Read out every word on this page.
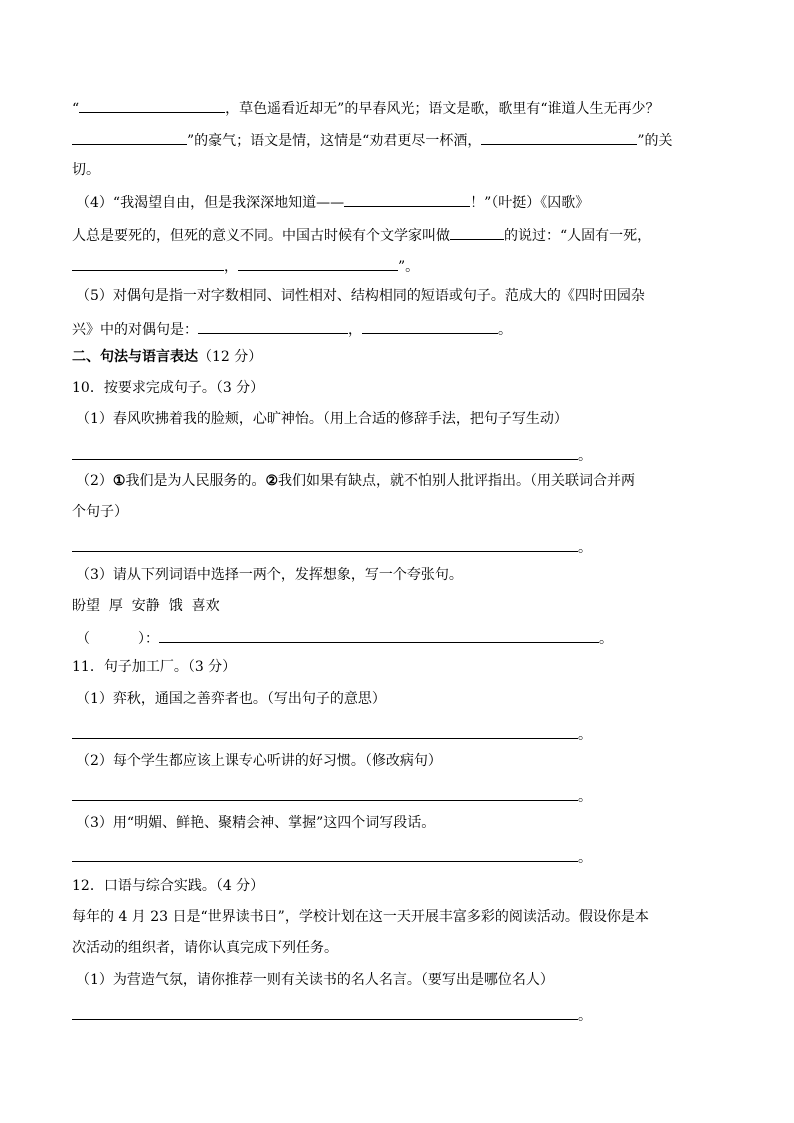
“	，草色遥看近却无”的早春风光；语文是歌，歌里有“谁道人生无再少？
”的豪气；语文是情，这情是“劝君更尽一杯酒，	”的关
切。
（4）“我渴望自由，但是我深深地知道——	！”（叶挺）《囚歌》
人总是要死的，但死的意义不同。中国古时候有个文学家叫做	的说过：“人固有一死，
，	”。
（5）对偶句是指一对字数相同、词性相对、结构相同的短语或句子。范成大的《四时田园杂
兴》中的对偶句是：	，	。
二、句法与语言表达（12 分）
10．按要求完成句子。（3 分）
（1）春风吹拂着我的脸颊，心旷神怡。（用上合适的修辞手法，把句子写生动）
。
（2）①我们是为人民服务的。②我们如果有缺点，就不怕别人批评指出。（用关联词合并两
个句子）
。
（3）请从下列词语中选择一两个，发挥想象，写一个夸张句。
盼望  厚  安静  饿  喜欢
（	）：	。
11．句子加工厂。（3 分）
（1）弈秋，通国之善弈者也。（写出句子的意思）
。
（2）每个学生都应该上课专心听讲的好习惯。（修改病句）
。
（3）用“明媚、鲜艳、聚精会神、掌握”这四个词写段话。
。
12．口语与综合实践。（4 分）
每年的 4 月 23 日是“世界读书日”，学校计划在这一天开展丰富多彩的阅读活动。假设你是本
次活动的组织者，请你认真完成下列任务。
（1）为营造气氛，请你推荐一则有关读书的名人名言。（要写出是哪位名人）
。
